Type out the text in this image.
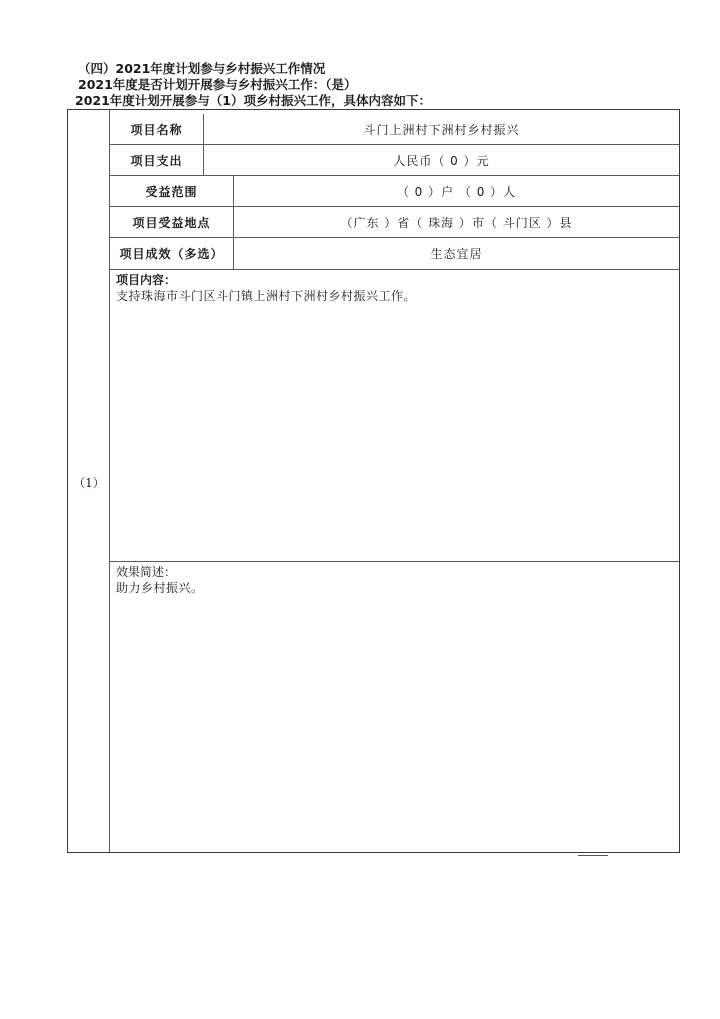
（四）2021年度计划参与乡村振兴工作情况
2021年度是否计划开展参与乡村振兴工作：（是）
2021年度计划开展参与（1）项乡村振兴工作，具体内容如下：
（1）
项目名称	斗门上洲村下洲村乡村振兴
项目支出	人民币（ 0 ）元
受益范围	（ 0 ）户 （ 0 ）人
项目受益地点	（广东 ）省（ 珠海 ）市（ 斗门区 ）县
项目成效（多选）	生态宜居
项目内容：
支持珠海市斗门区斗门镇上洲村下洲村乡村振兴工作。
效果简述：
助力乡村振兴。
